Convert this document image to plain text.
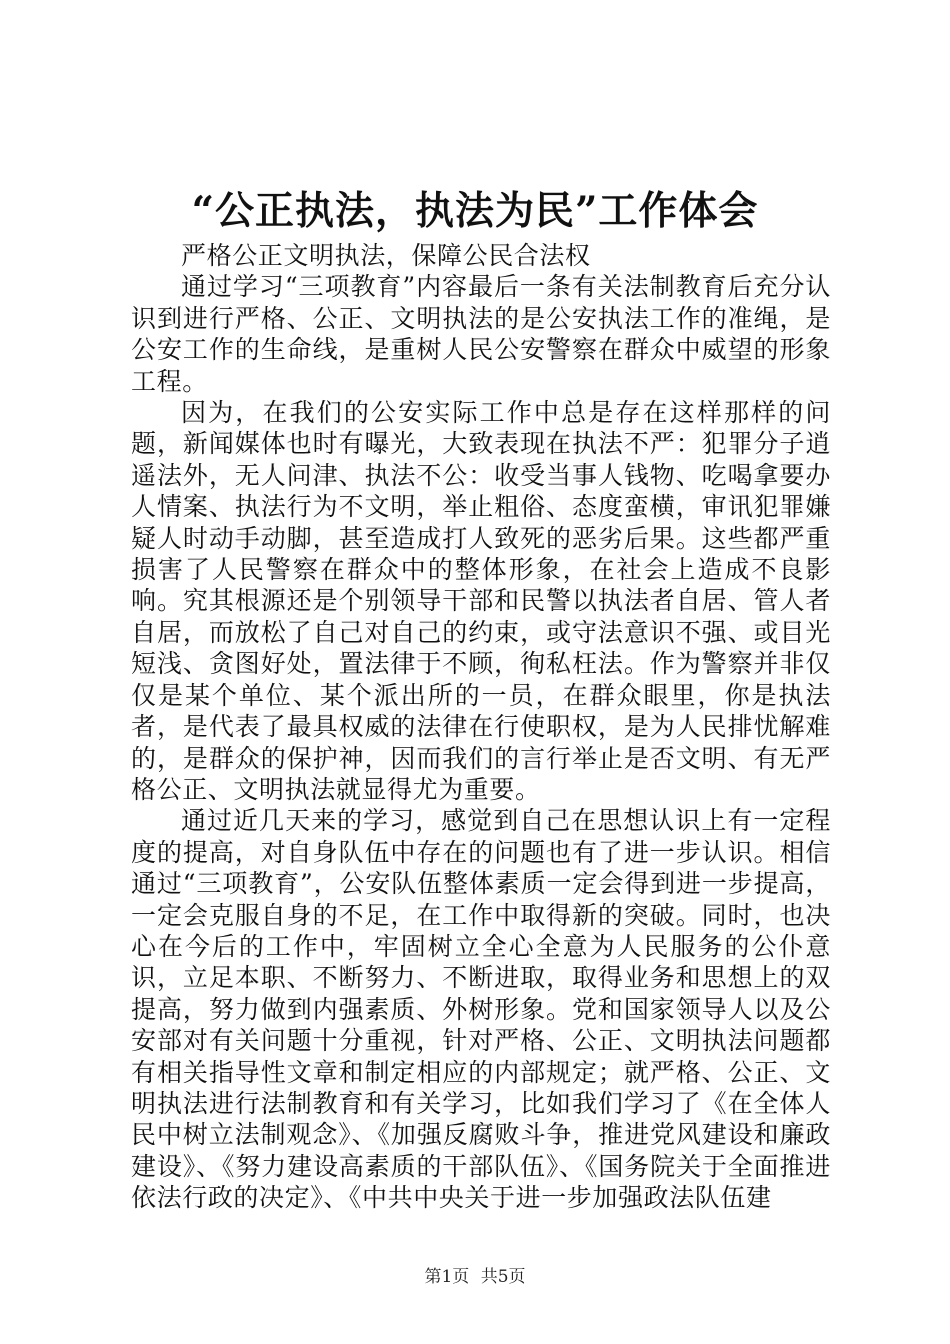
“公正执法，执法为民”工作体会

严格公正文明执法，保障公民合法权

通过学习“三项教育”内容最后一条有关法制教育后充分认识到进行严格、公正、文明执法的是公安执法工作的准绳，是公安工作的生命线，是重树人民公安警察在群众中威望的形象工程。

因为，在我们的公安实际工作中总是存在这样那样的问题，新闻媒体也时有曝光，大致表现在执法不严：犯罪分子逍遥法外，无人问津、执法不公：收受当事人钱物、吃喝拿要办人情案、执法行为不文明，举止粗俗、态度蛮横，审讯犯罪嫌疑人时动手动脚，甚至造成打人致死的恶劣后果。这些都严重损害了人民警察在群众中的整体形象，在社会上造成不良影响。究其根源还是个别领导干部和民警以执法者自居、管人者自居，而放松了自己对自己的约束，或守法意识不强、或目光短浅、贪图好处，置法律于不顾，徇私枉法。作为警察并非仅仅是某个单位、某个派出所的一员，在群众眼里，你是执法者，是代表了最具权威的法律在行使职权，是为人民排忧解难的，是群众的保护神，因而我们的言行举止是否文明、有无严格公正、文明执法就显得尤为重要。

通过近几天来的学习，感觉到自己在思想认识上有一定程度的提高，对自身队伍中存在的问题也有了进一步认识。相信通过“三项教育”，公安队伍整体素质一定会得到进一步提高，一定会克服自身的不足，在工作中取得新的突破。同时，也决心在今后的工作中，牢固树立全心全意为人民服务的公仆意识，立足本职、不断努力、不断进取，取得业务和思想上的双提高，努力做到内强素质、外树形象。党和国家领导人以及公安部对有关问题十分重视，针对严格、公正、文明执法问题都有相关指导性文章和制定相应的内部规定；就严格、公正、文明执法进行法制教育和有关学习，比如我们学习了《在全体人民中树立法制观念》、《加强反腐败斗争，推进党风建设和廉政建设》、《努力建设高素质的干部队伍》、《国务院关于全面推进依法行政的决定》、《中共中央关于进一步加强政法队伍建

第1页 共5页
